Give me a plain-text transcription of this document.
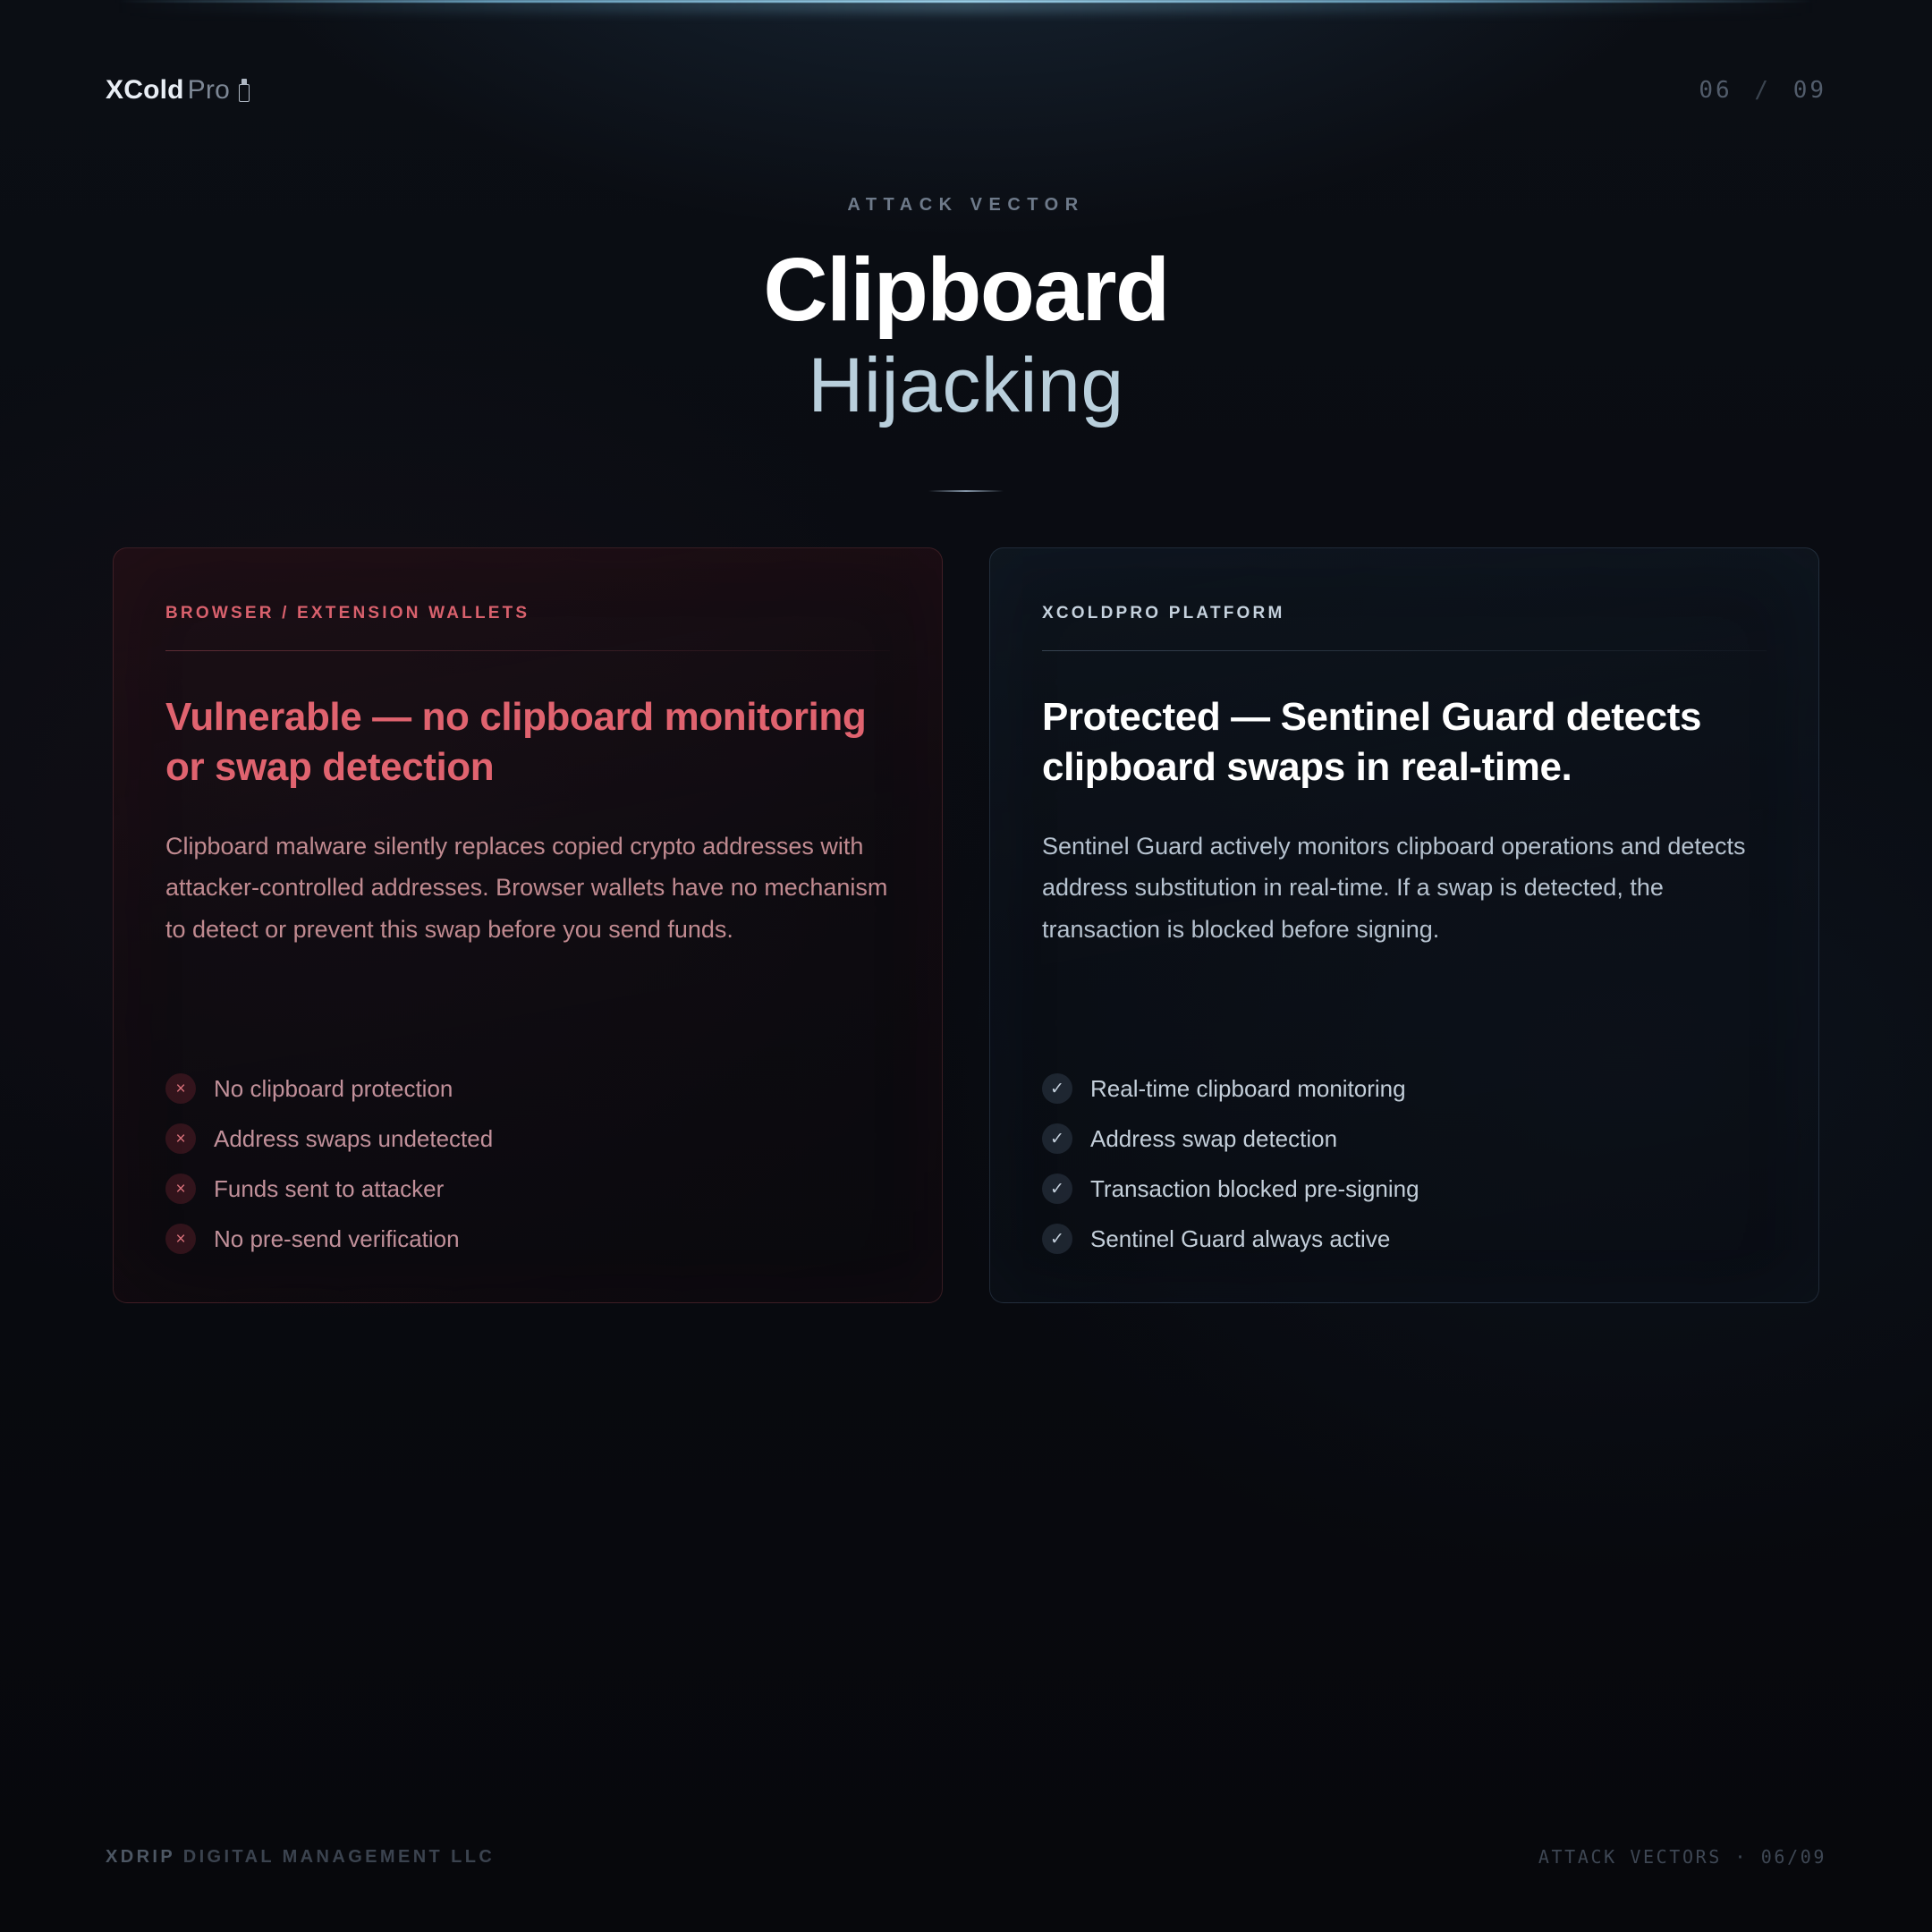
XCold Pro	06 / 09
ATTACK VECTOR
Clipboard
Hijacking
BROWSER / EXTENSION WALLETS
Vulnerable — no clipboard monitoring or swap detection
Clipboard malware silently replaces copied crypto addresses with attacker-controlled addresses. Browser wallets have no mechanism to detect or prevent this swap before you send funds.
×	No clipboard protection
×	Address swaps undetected
×	Funds sent to attacker
×	No pre-send verification
XCOLDPRO PLATFORM
Protected — Sentinel Guard detects clipboard swaps in real-time.
Sentinel Guard actively monitors clipboard operations and detects address substitution in real-time. If a swap is detected, the transaction is blocked before signing.
✓	Real-time clipboard monitoring
✓	Address swap detection
✓	Transaction blocked pre-signing
✓	Sentinel Guard always active
XDRIP DIGITAL MANAGEMENT LLC	ATTACK VECTORS · 06/09
